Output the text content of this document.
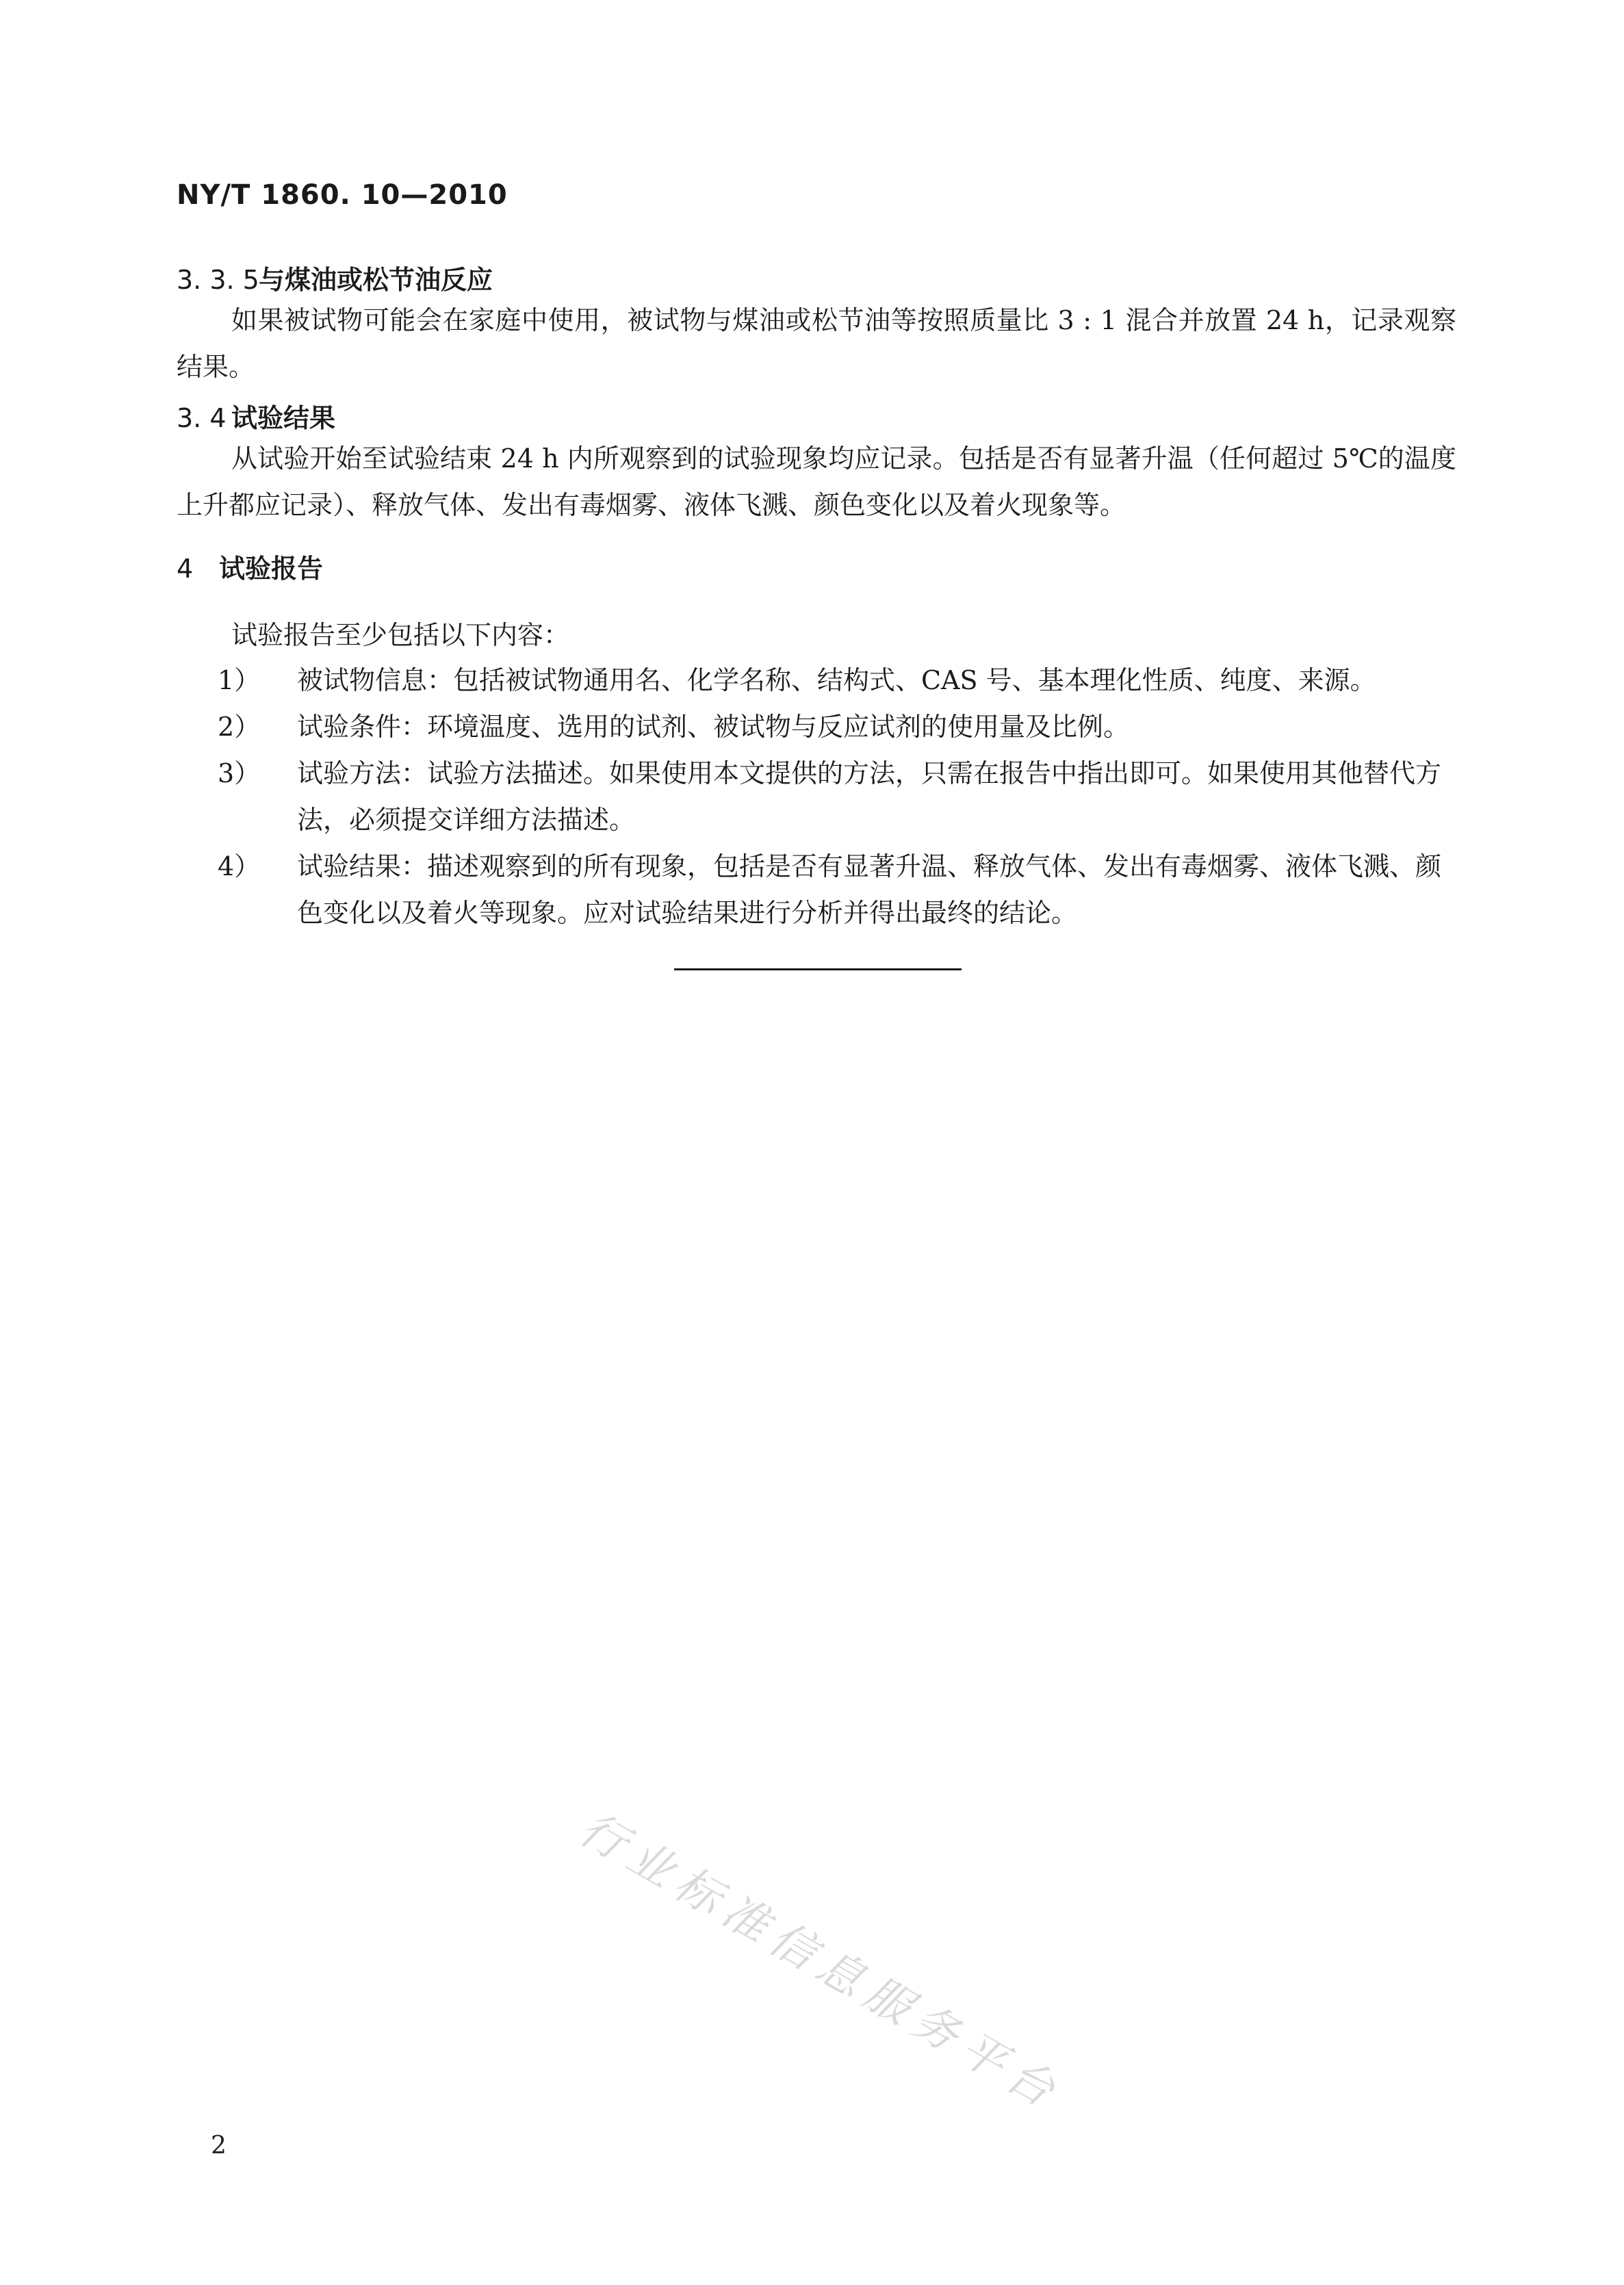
NY/T 1860. 10—2010
3. 3. 5与煤油或松节油反应
如果被试物可能会在家庭中使用，被试物与煤油或松节油等按照质量比 3 : 1 混合并放置 24 h，记录观察结果。
3. 4 试验结果
从试验开始至试验结束 24 h 内所观察到的试验现象均应记录。包括是否有显著升温（任何超过 5℃的温度上升都应记录）、释放气体、发出有毒烟雾、液体飞溅、颜色变化以及着火现象等。
4 试验报告
试验报告至少包括以下内容：
1）	被试物信息：包括被试物通用名、化学名称、结构式、CAS 号、基本理化性质、纯度、来源。
2）	试验条件：环境温度、选用的试剂、被试物与反应试剂的使用量及比例。
3）	试验方法：试验方法描述。如果使用本文提供的方法，只需在报告中指出即可。如果使用其他替代方法，必须提交详细方法描述。
4）	试验结果：描述观察到的所有现象，包括是否有显著升温、释放气体、发出有毒烟雾、液体飞溅、颜色变化以及着火等现象。应对试验结果进行分析并得出最终的结论。
行业标准信息服务平台
2
